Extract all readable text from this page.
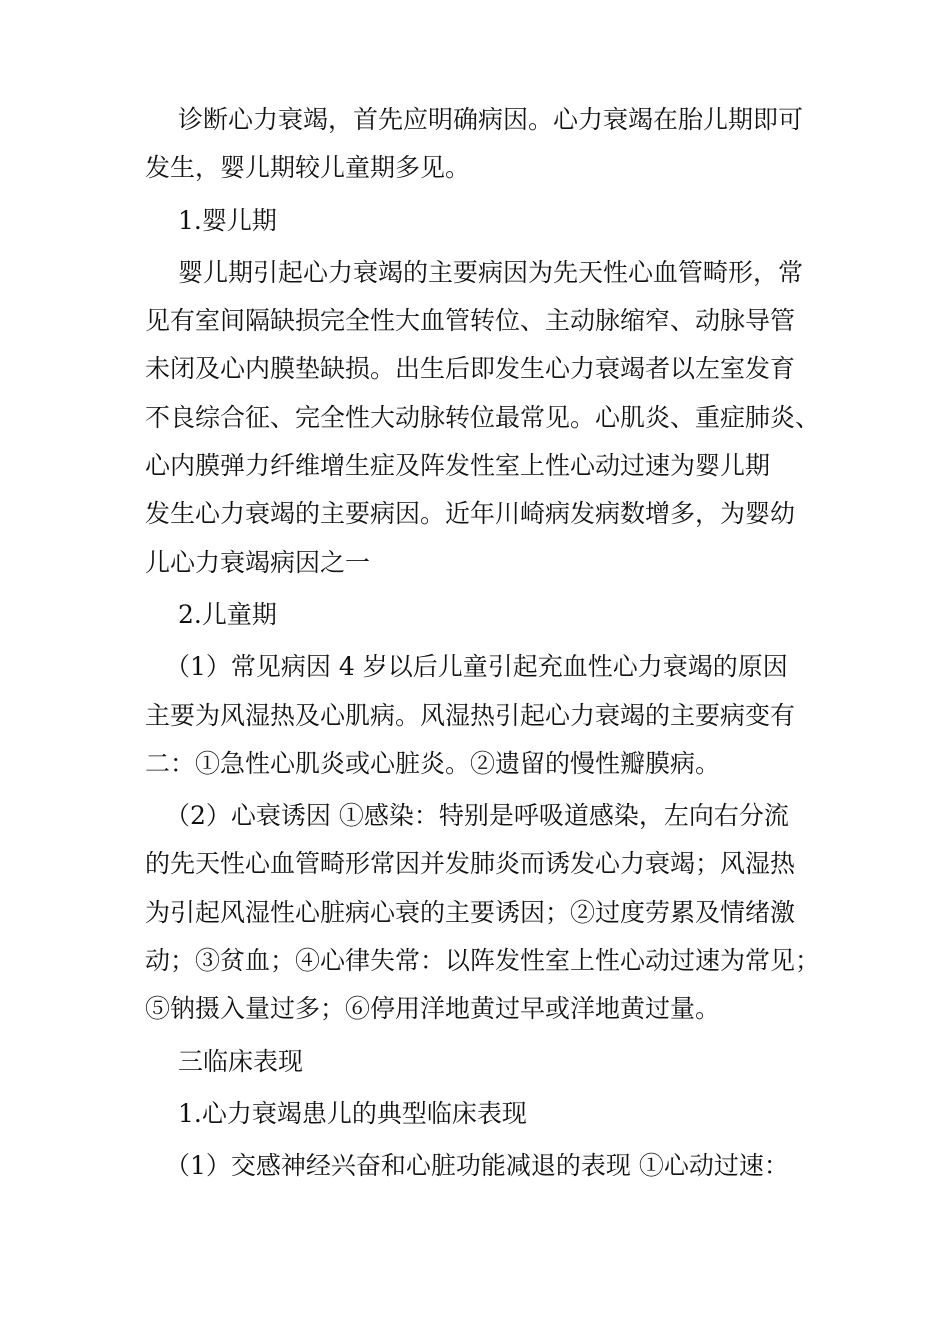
诊断心力衰竭，首先应明确病因。心力衰竭在胎儿期即可
发生，婴儿期较儿童期多见。
1.婴儿期
婴儿期引起心力衰竭的主要病因为先天性心血管畸形，常
见有室间隔缺损完全性大血管转位、主动脉缩窄、动脉导管
未闭及心内膜垫缺损。出生后即发生心力衰竭者以左室发育
不良综合征、完全性大动脉转位最常见。心肌炎、重症肺炎、
心内膜弹力纤维增生症及阵发性室上性心动过速为婴儿期
发生心力衰竭的主要病因。近年川崎病发病数增多，为婴幼
儿心力衰竭病因之一
2.儿童期
（1）常见病因 4 岁以后儿童引起充血性心力衰竭的原因
主要为风湿热及心肌病。风湿热引起心力衰竭的主要病变有
二：①急性心肌炎或心脏炎。②遗留的慢性瓣膜病。
（2）心衰诱因 ①感染：特别是呼吸道感染，左向右分流
的先天性心血管畸形常因并发肺炎而诱发心力衰竭；风湿热
为引起风湿性心脏病心衰的主要诱因；②过度劳累及情绪激
动；③贫血；④心律失常：以阵发性室上性心动过速为常见；
⑤钠摄入量过多；⑥停用洋地黄过早或洋地黄过量。
三临床表现
1.心力衰竭患儿的典型临床表现
（1）交感神经兴奋和心脏功能减退的表现 ①心动过速：
